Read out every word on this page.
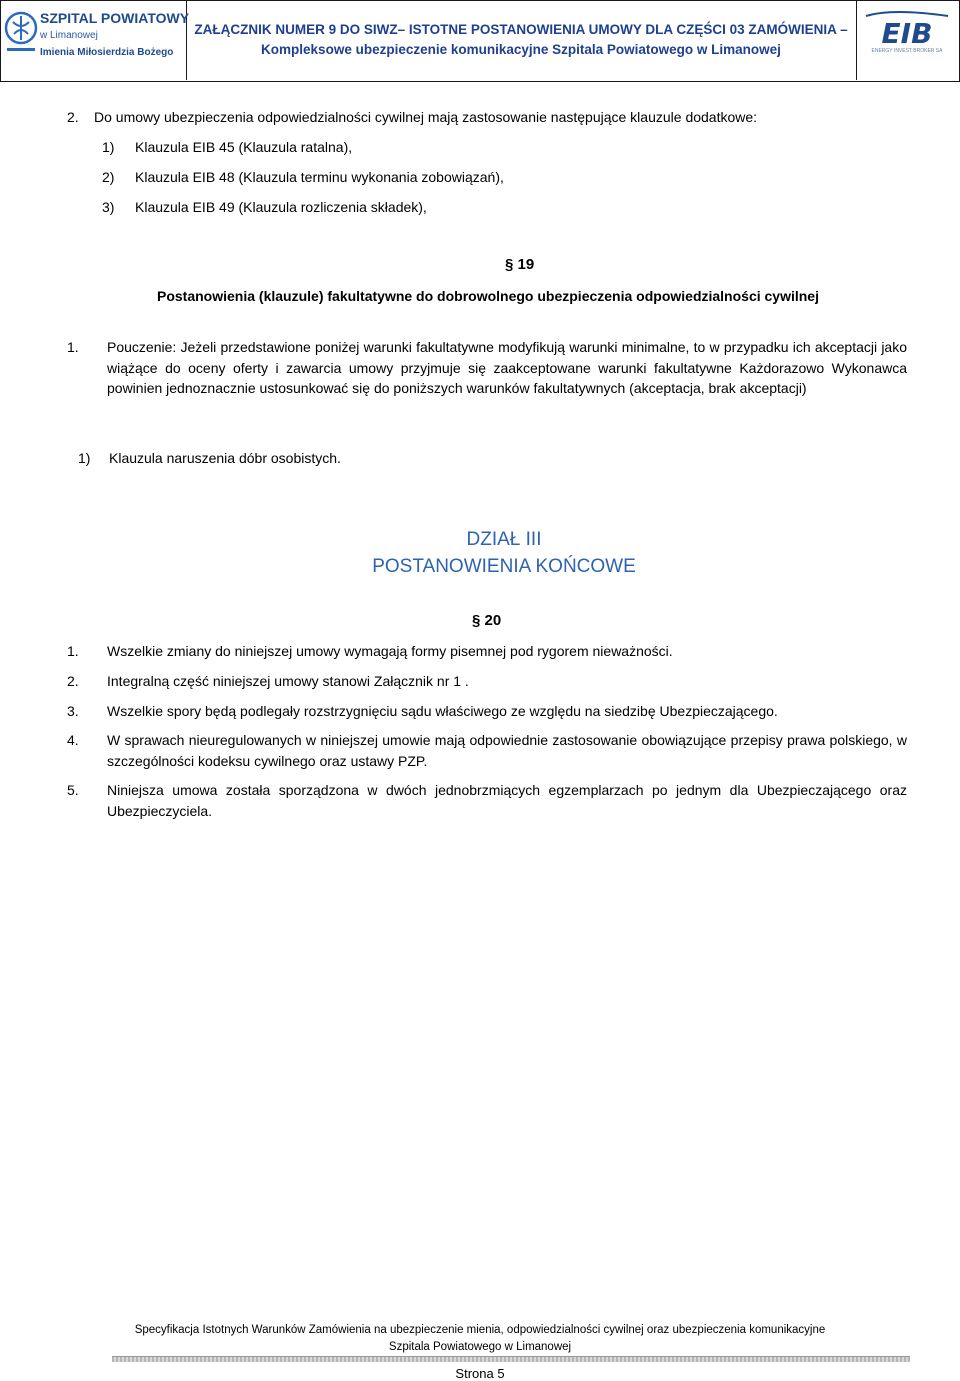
SZPITAL POWIATOWY
w Limanowej
Imienia Miłosierdzia Bożego
ZAŁĄCZNIK NUMER 9 DO SIWZ– ISTOTNE POSTANOWIENIA UMOWY DLA CZĘŚCI 03 ZAMÓWIENIA –
Kompleksowe ubezpieczenie komunikacyjne Szpitala Powiatowego w Limanowej	EIB
ENERGY INVEST BROKER SA
2. Do umowy ubezpieczenia odpowiedzialności cywilnej mają zastosowanie następujące klauzule dodatkowe:
1) Klauzula EIB 45 (Klauzula ratalna),
2) Klauzula EIB 48 (Klauzula terminu wykonania zobowiązań),
3) Klauzula EIB 49 (Klauzula rozliczenia składek),
§ 19
Postanowienia (klauzule) fakultatywne do dobrowolnego ubezpieczenia odpowiedzialności cywilnej
1. Pouczenie: Jeżeli przedstawione poniżej warunki fakultatywne modyfikują warunki minimalne, to w przypadku ich akceptacji jako wiążące do oceny oferty i zawarcia umowy przyjmuje się zaakceptowane warunki fakultatywne Każdorazowo Wykonawca powinien jednoznacznie ustosunkować się do poniższych warunków fakultatywnych (akceptacja, brak akceptacji)
1) Klauzula naruszenia dóbr osobistych.
DZIAŁ III
POSTANOWIENIA KOŃCOWE
§ 20
1. Wszelkie zmiany do niniejszej umowy wymagają formy pisemnej pod rygorem nieważności.
2. Integralną część niniejszej umowy stanowi Załącznik nr 1 .
3. Wszelkie spory będą podlegały rozstrzygnięciu sądu właściwego ze względu na siedzibę Ubezpieczającego.
4. W sprawach nieuregulowanych w niniejszej umowie mają odpowiednie zastosowanie obowiązujące przepisy prawa polskiego, w szczególności kodeksu cywilnego oraz ustawy PZP.
5. Niniejsza umowa została sporządzona w dwóch jednobrzmiących egzemplarzach po jednym dla Ubezpieczającego oraz Ubezpieczyciela.
Specyfikacja Istotnych Warunków Zamówienia na ubezpieczenie mienia, odpowiedzialności cywilnej oraz ubezpieczenia komunikacyjne
Szpitala Powiatowego w Limanowej
Strona 5
